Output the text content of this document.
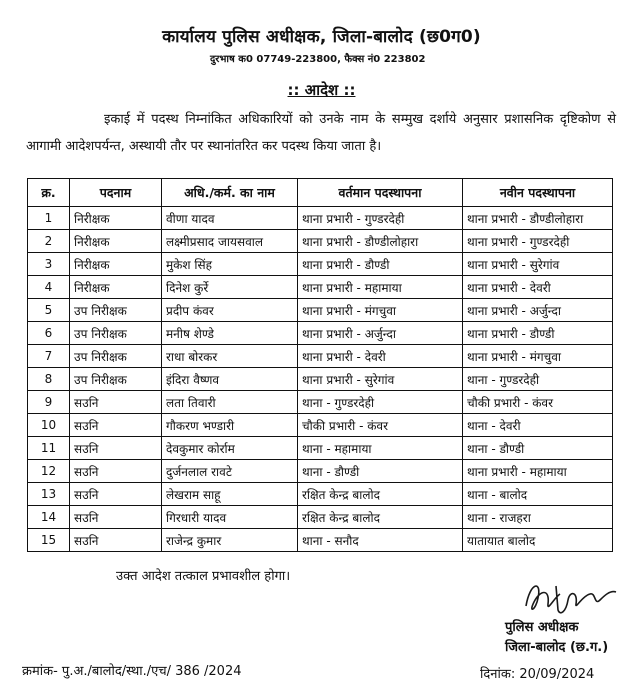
कार्यालय पुलिस अधीक्षक, जिला-बालोद (छ0ग0)
दुरभाष क0 07749-223800, फैक्स नं0 223802
:: आदेश ::
इकाई में पदस्थ निम्नांकित अधिकारियों को उनके नाम के सम्मुख दर्शाये अनुसार प्रशासनिक दृष्टिकोण से आगामी आदेशपर्यन्त, अस्थायी तौर पर स्थानांतरित कर पदस्थ किया जाता है।
क्र.	पदनाम	अधि./कर्म. का नाम	वर्तमान पदस्थापना	नवीन पदस्थापना
1	निरीक्षक	वीणा यादव	थाना प्रभारी - गुण्डरदेही	थाना प्रभारी - डौण्डीलोहारा
2	निरीक्षक	लक्ष्मीप्रसाद जायसवाल	थाना प्रभारी - डौण्डीलोहारा	थाना प्रभारी - गुण्डरदेही
3	निरीक्षक	मुकेश सिंह	थाना प्रभारी - डौण्डी	थाना प्रभारी - सुरेगांव
4	निरीक्षक	दिनेश कुर्रे	थाना प्रभारी - महामाया	थाना प्रभारी - देवरी
5	उप निरीक्षक	प्रदीप कंवर	थाना प्रभारी - मंगचुवा	थाना प्रभारी - अर्जुन्दा
6	उप निरीक्षक	मनीष शेण्डे	थाना प्रभारी - अर्जुन्दा	थाना प्रभारी - डौण्डी
7	उप निरीक्षक	राधा बोरकर	थाना प्रभारी - देवरी	थाना प्रभारी - मंगचुवा
8	उप निरीक्षक	इंदिरा वैष्णव	थाना प्रभारी - सुरेगांव	थाना - गुण्डरदेही
9	सउनि	लता तिवारी	थाना - गुण्डरदेही	चौकी प्रभारी - कंवर
10	सउनि	गौकरण भण्डारी	चौकी प्रभारी - कंवर	थाना - देवरी
11	सउनि	देवकुमार कोर्राम	थाना - महामाया	थाना - डौण्डी
12	सउनि	दुर्जनलाल रावटे	थाना - डौण्डी	थाना प्रभारी - महामाया
13	सउनि	लेखराम साहू	रक्षित केन्द्र बालोद	थाना - बालोद
14	सउनि	गिरधारी यादव	रक्षित केन्द्र बालोद	थाना - राजहरा
15	सउनि	राजेन्द्र कुमार	थाना - सनौद	यातायात बालोद
उक्त आदेश तत्काल प्रभावशील होगा।
पुलिस अधीक्षक
जिला-बालोद (छ.ग.)
क्रमांक- पु.अ./बालोद/स्था./एच/ 386 /2024	दिनांक: 20/09/2024
